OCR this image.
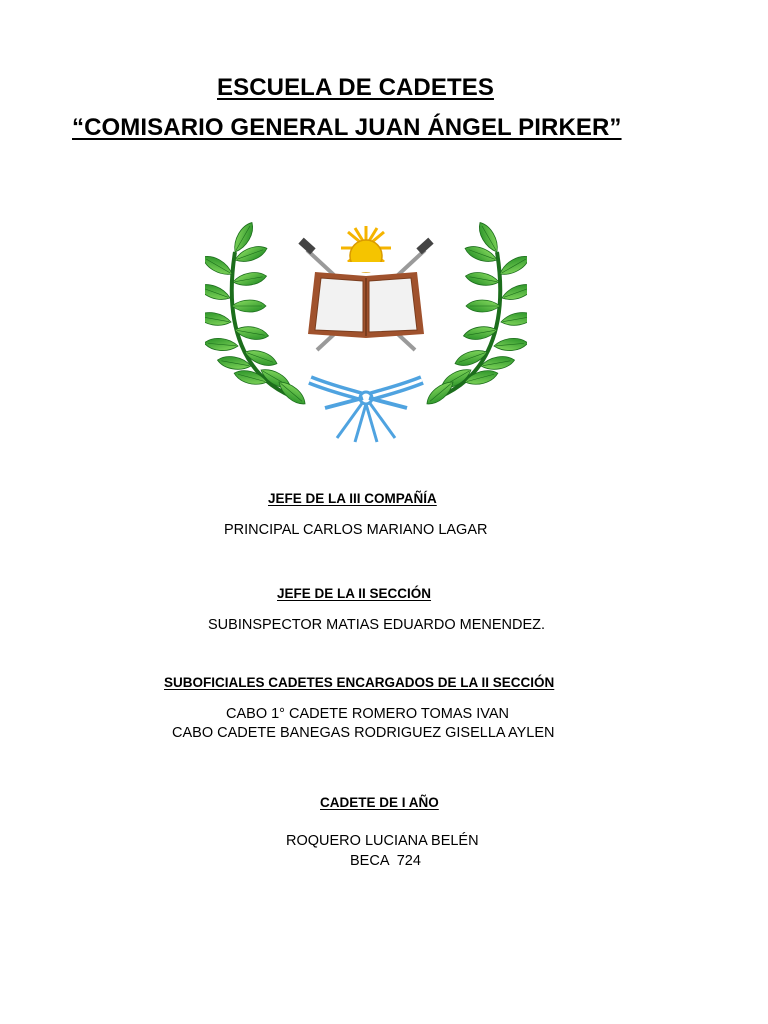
ESCUELA DE CADETES
“COMISARIO GENERAL JUAN ÁNGEL PIRKER”
JEFE DE LA III COMPAÑÍA
PRINCIPAL CARLOS MARIANO LAGAR
JEFE DE LA II SECCIÓN
SUBINSPECTOR MATIAS EDUARDO MENENDEZ.
SUBOFICIALES CADETES ENCARGADOS DE LA II SECCIÓN
CABO 1° CADETE ROMERO TOMAS IVAN
CABO CADETE BANEGAS RODRIGUEZ GISELLA AYLEN
CADETE DE I AÑO
ROQUERO LUCIANA BELÉN
BECA  724
